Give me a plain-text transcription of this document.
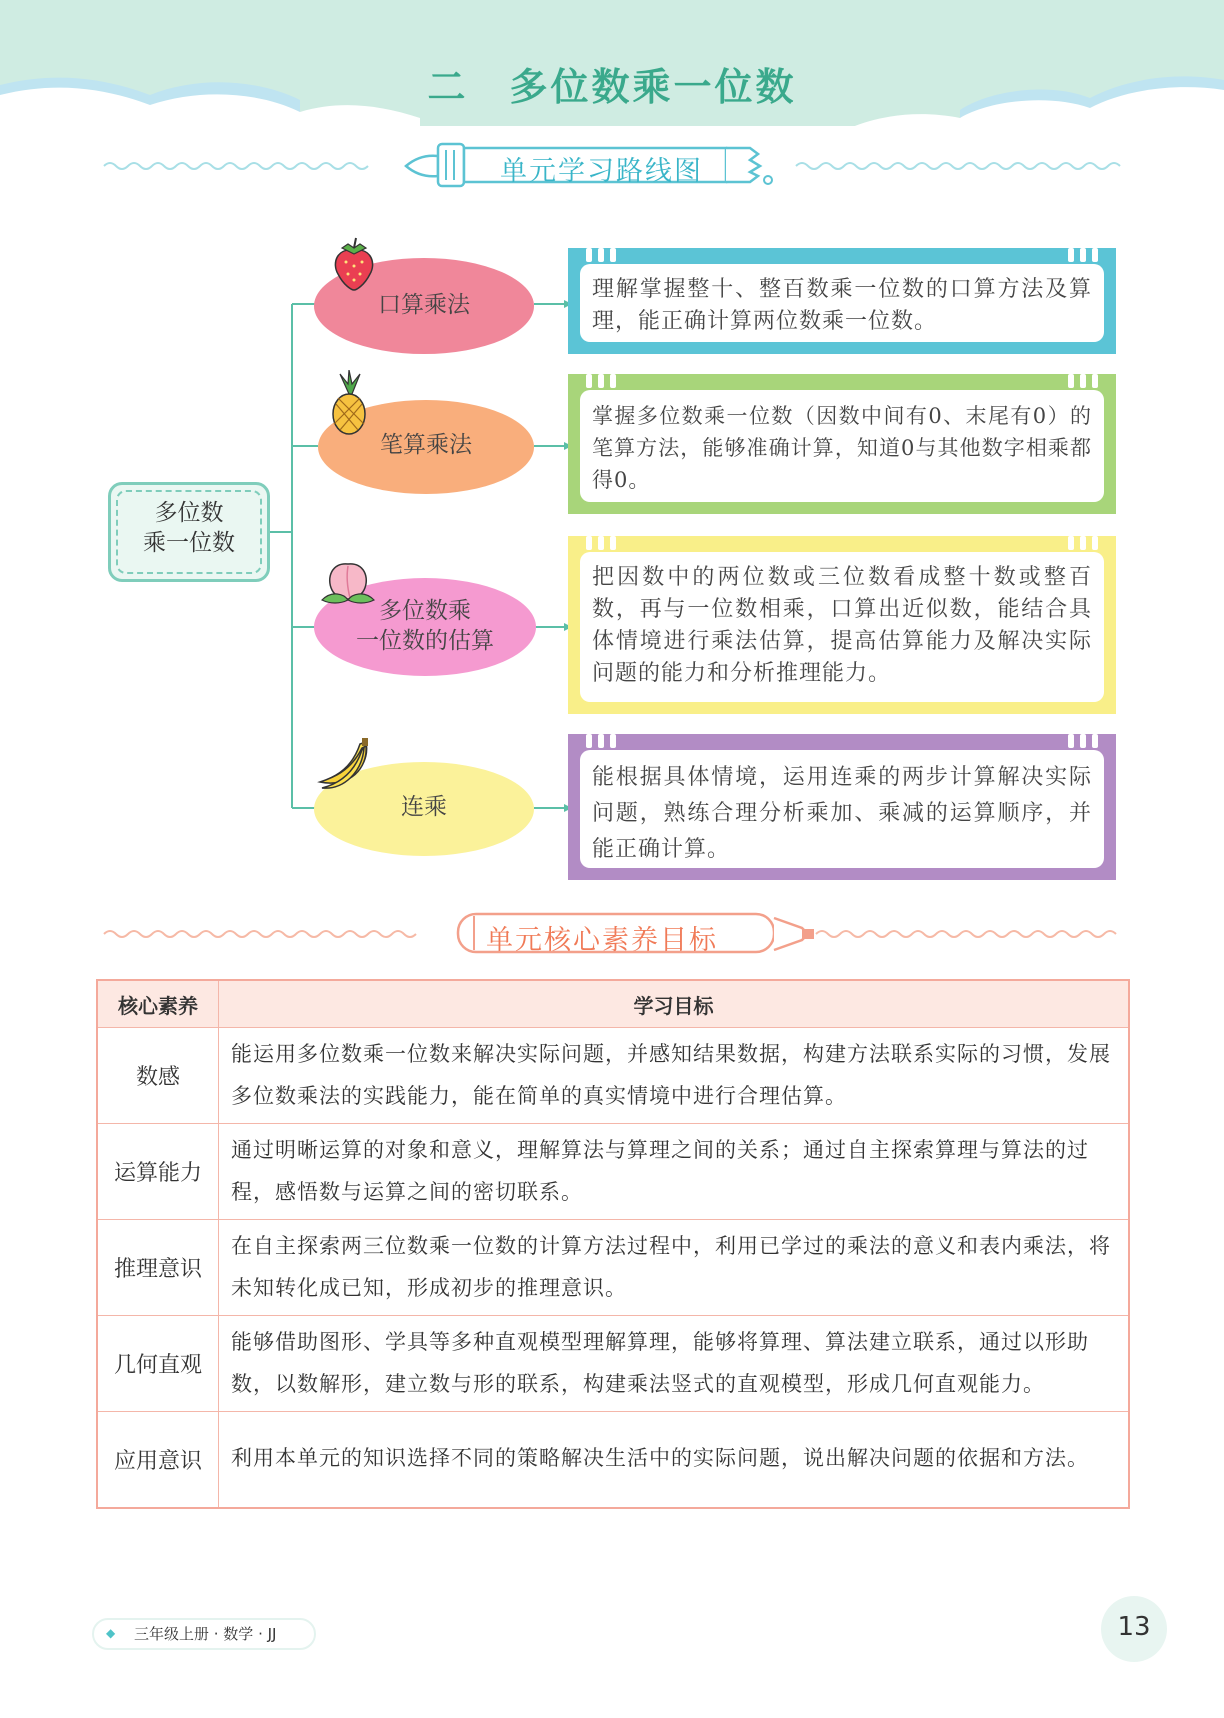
二　多位数乘一位数
单元学习路线图
多位数
乘一位数
口算乘法
理解掌握整十、整百数乘一位数的口算方法及算理，能正确计算两位数乘一位数。
笔算乘法
掌握多位数乘一位数（因数中间有0、末尾有0）的笔算方法，能够准确计算，知道0与其他数字相乘都得0。
多位数乘
一位数的估算
把因数中的两位数或三位数看成整十数或整百数，再与一位数相乘，口算出近似数，能结合具体情境进行乘法估算，提高估算能力及解决实际问题的能力和分析推理能力。
连乘
能根据具体情境，运用连乘的两步计算解决实际问题，熟练合理分析乘加、乘减的运算顺序，并能正确计算。
单元核心素养目标
核心素养	学习目标
数感	能运用多位数乘一位数来解决实际问题，并感知结果数据，构建方法联系实际的习惯，发展多位数乘法的实践能力，能在简单的真实情境中进行合理估算。
运算能力	通过明晰运算的对象和意义，理解算法与算理之间的关系；通过自主探索算理与算法的过程，感悟数与运算之间的密切联系。
推理意识	在自主探索两三位数乘一位数的计算方法过程中，利用已学过的乘法的意义和表内乘法，将未知转化成已知，形成初步的推理意识。
几何直观	能够借助图形、学具等多种直观模型理解算理，能够将算理、算法建立联系，通过以形助数，以数解形，建立数与形的联系，构建乘法竖式的直观模型，形成几何直观能力。
应用意识	利用本单元的知识选择不同的策略解决生活中的实际问题，说出解决问题的依据和方法。
◆ 三年级上册 · 数学 · JJ	13
